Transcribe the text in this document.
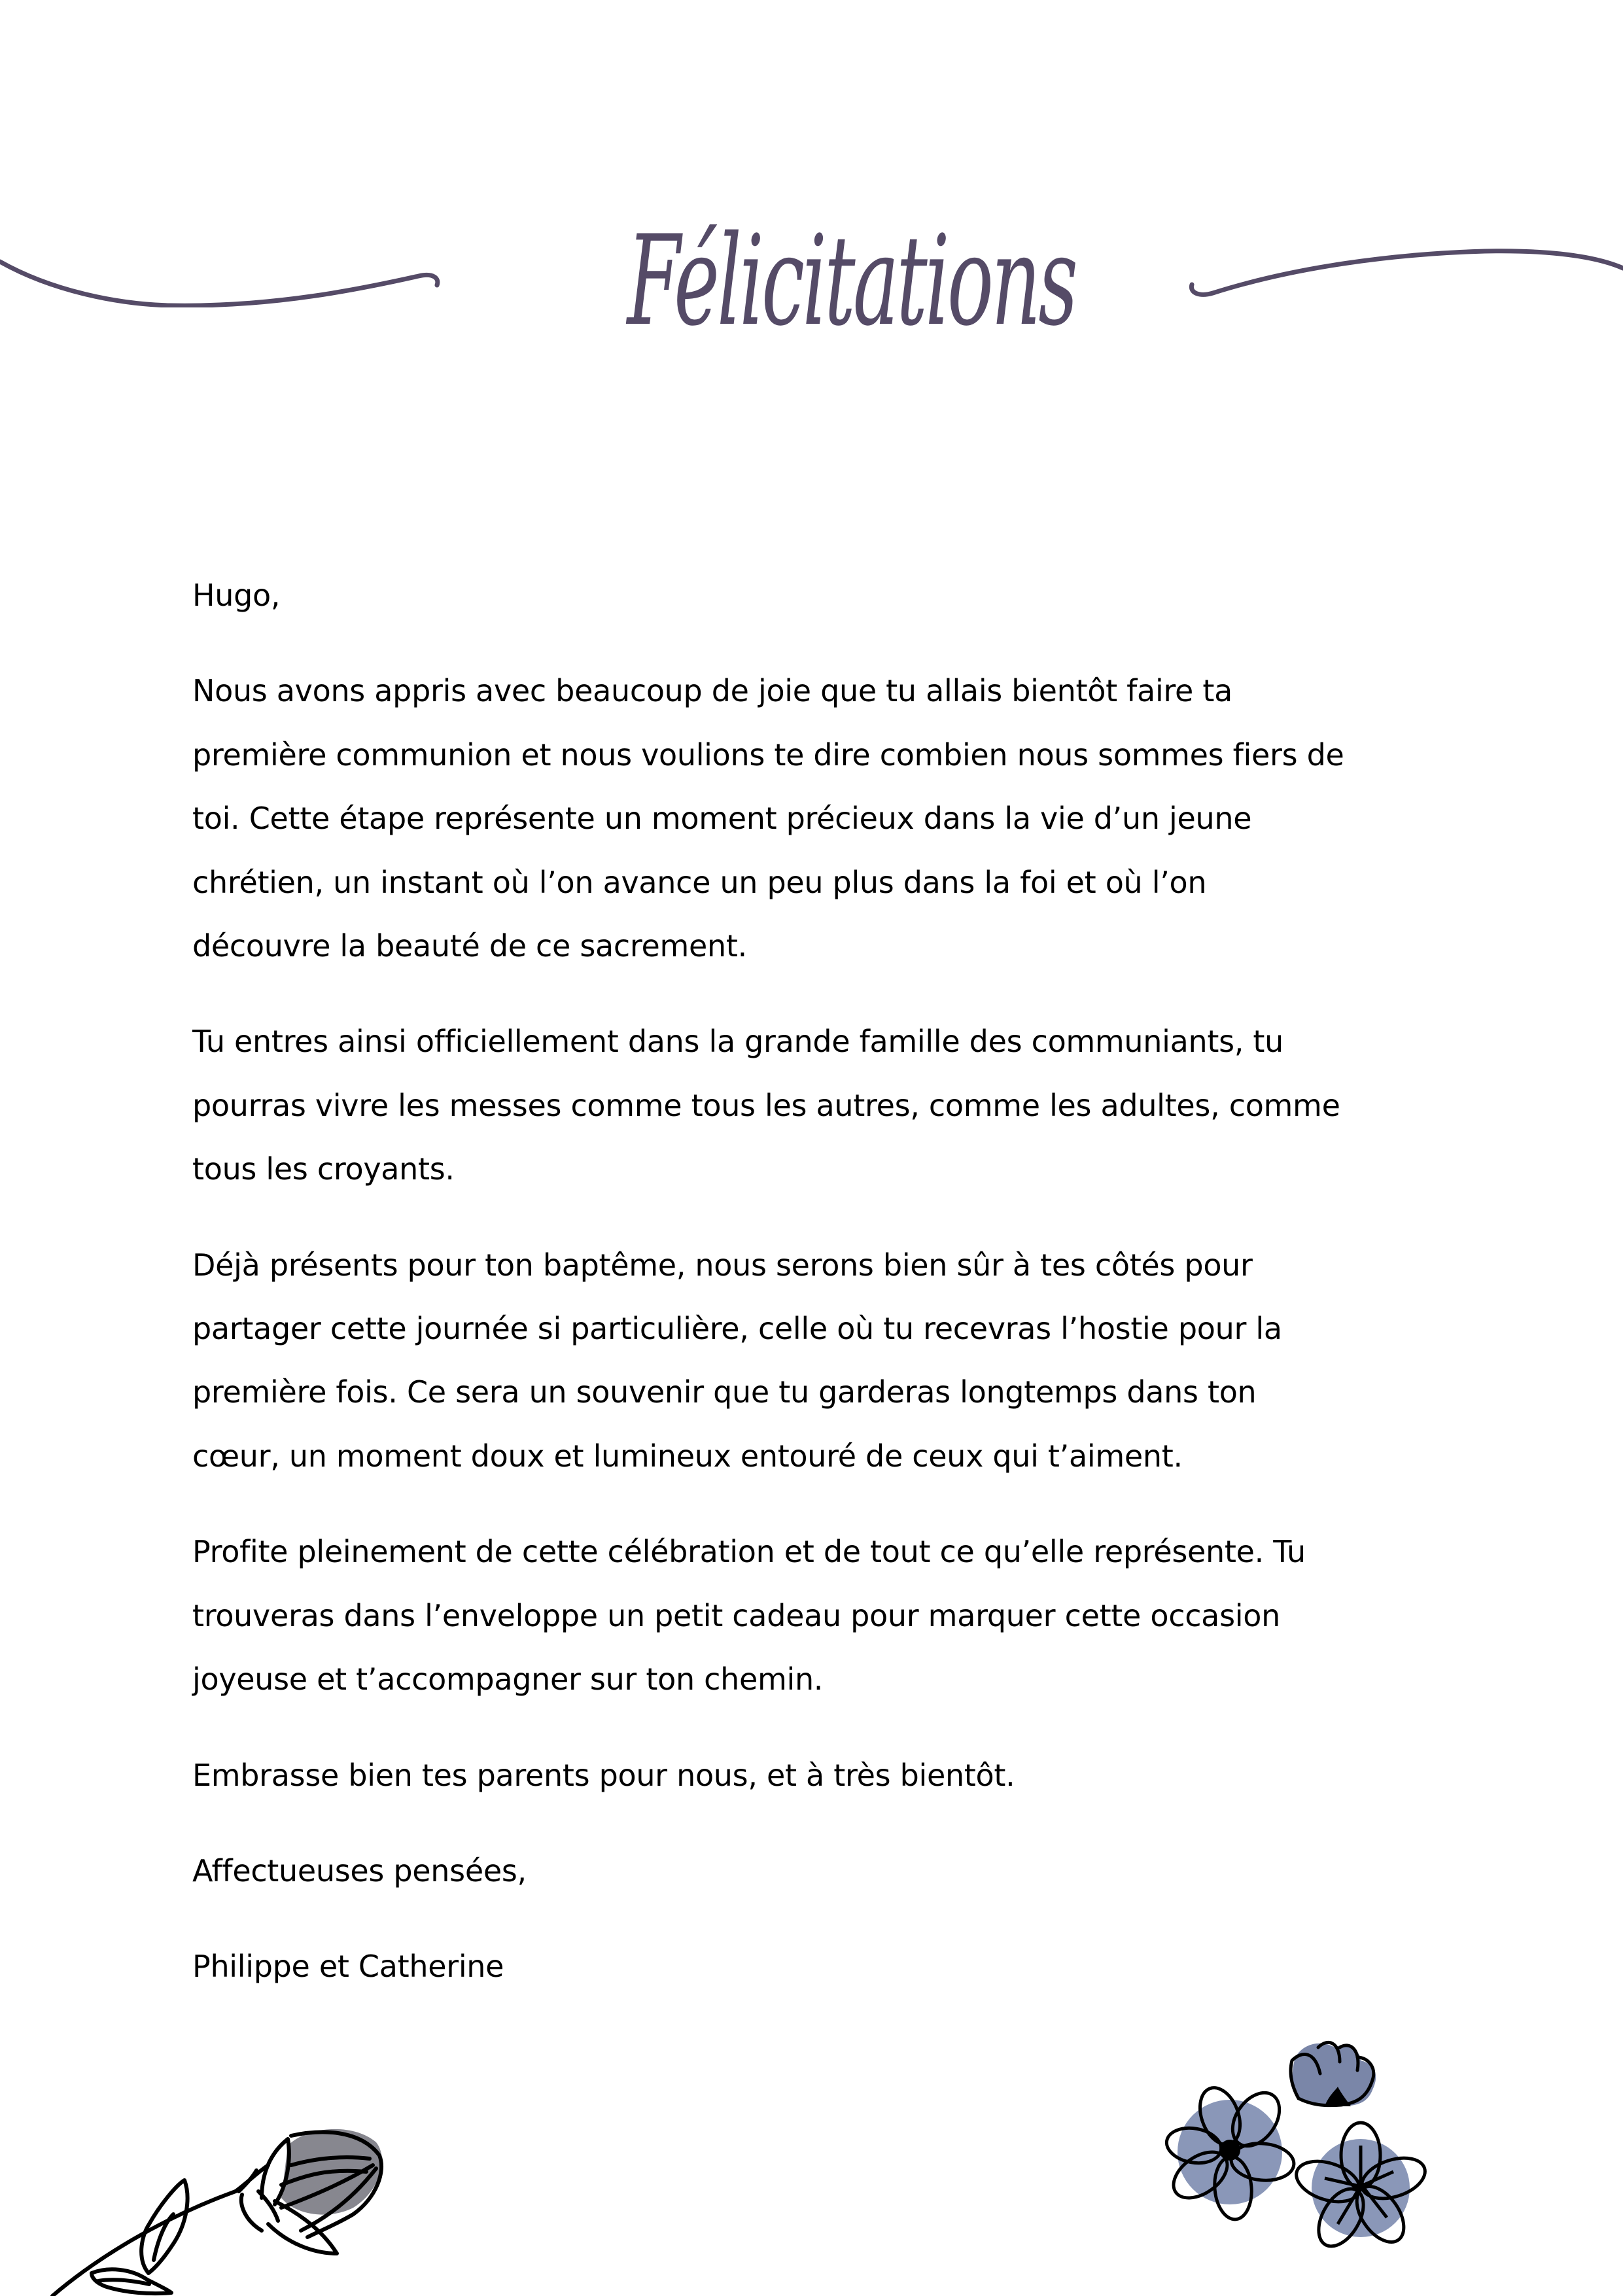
Félicitations

Hugo,

Nous avons appris avec beaucoup de joie que tu allais bientôt faire ta
première communion et nous voulions te dire combien nous sommes fiers de
toi. Cette étape représente un moment précieux dans la vie d’un jeune
chrétien, un instant où l’on avance un peu plus dans la foi et où l’on
découvre la beauté de ce sacrement.

Tu entres ainsi officiellement dans la grande famille des communiants, tu
pourras vivre les messes comme tous les autres, comme les adultes, comme
tous les croyants.

Déjà présents pour ton baptême, nous serons bien sûr à tes côtés pour
partager cette journée si particulière, celle où tu recevras l’hostie pour la
première fois. Ce sera un souvenir que tu garderas longtemps dans ton
cœur, un moment doux et lumineux entouré de ceux qui t’aiment.

Profite pleinement de cette célébration et de tout ce qu’elle représente. Tu
trouveras dans l’enveloppe un petit cadeau pour marquer cette occasion
joyeuse et t’accompagner sur ton chemin.

Embrasse bien tes parents pour nous, et à très bientôt.

Affectueuses pensées,

Philippe et Catherine
